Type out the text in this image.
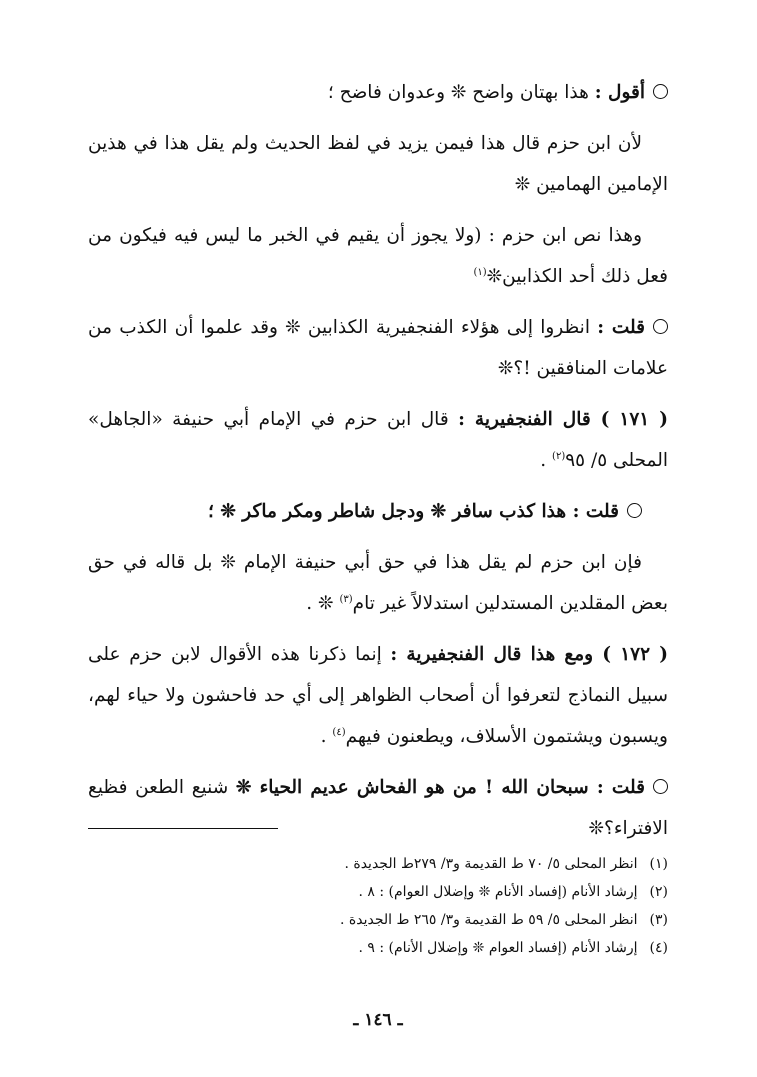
أقول : هذا بهتان واضح ❊ وعدوان فاضح ؛

لأن ابن حزم قال هذا فيمن يزيد في لفظ الحديث ولم يقل هذا في هذين الإمامين الهمامين ❊

وهذا نص ابن حزم : (ولا يجوز أن يقيم في الخبر ما ليس فيه فيكون من فعل ذلك أحد الكذابين❊$^{(١)}$

قلت : انظروا إلى هؤلاء الفنجفيرية الكذابين ❊ وقد علموا أن الكذب من علامات المنافقين !؟❊

( ١٧١ ) قال الفنجفيرية : قال ابن حزم في الإمام أبي حنيفة «الجاهل» المحلى ٥/ ٩٥$^{(٢)}$ .

قلت : هذا كذب سافر ❊ ودجل شاطر ومكر ماكر ❊ ؛

فإن ابن حزم لم يقل هذا في حق أبي حنيفة الإمام ❊ بل قاله في حق بعض المقلدين المستدلين استدلالاً غير تام$^{(٣)}$ ❊ .

( ١٧٢ ) ومع هذا قال الفنجفيرية : إنما ذكرنا هذه الأقوال لابن حزم على سبيل النماذج لتعرفوا أن أصحاب الظواهر إلى أي حد فاحشون ولا حياء لهم، ويسبون ويشتمون الأسلاف، ويطعنون فيهم$^{(٤)}$ .

قلت : سبحان الله ! من هو الفحاش عديم الحياء ❊ شنيع الطعن فظيع الافتراء؟❊

(١) انظر المحلى ٥/ ٧٠ ط القديمة و٣/ ٢٧٩ط الجديدة .
(٢) إرشاد الأنام (إفساد الأنام ❊ وإضلال العوام) : ٨ .
(٣) انظر المحلى ٥/ ٥٩ ط القديمة و٣/ ٢٦٥ ط الجديدة .
(٤) إرشاد الأنام (إفساد العوام ❊ وإضلال الأنام) : ٩ .
ـ ١٤٦ ـ
